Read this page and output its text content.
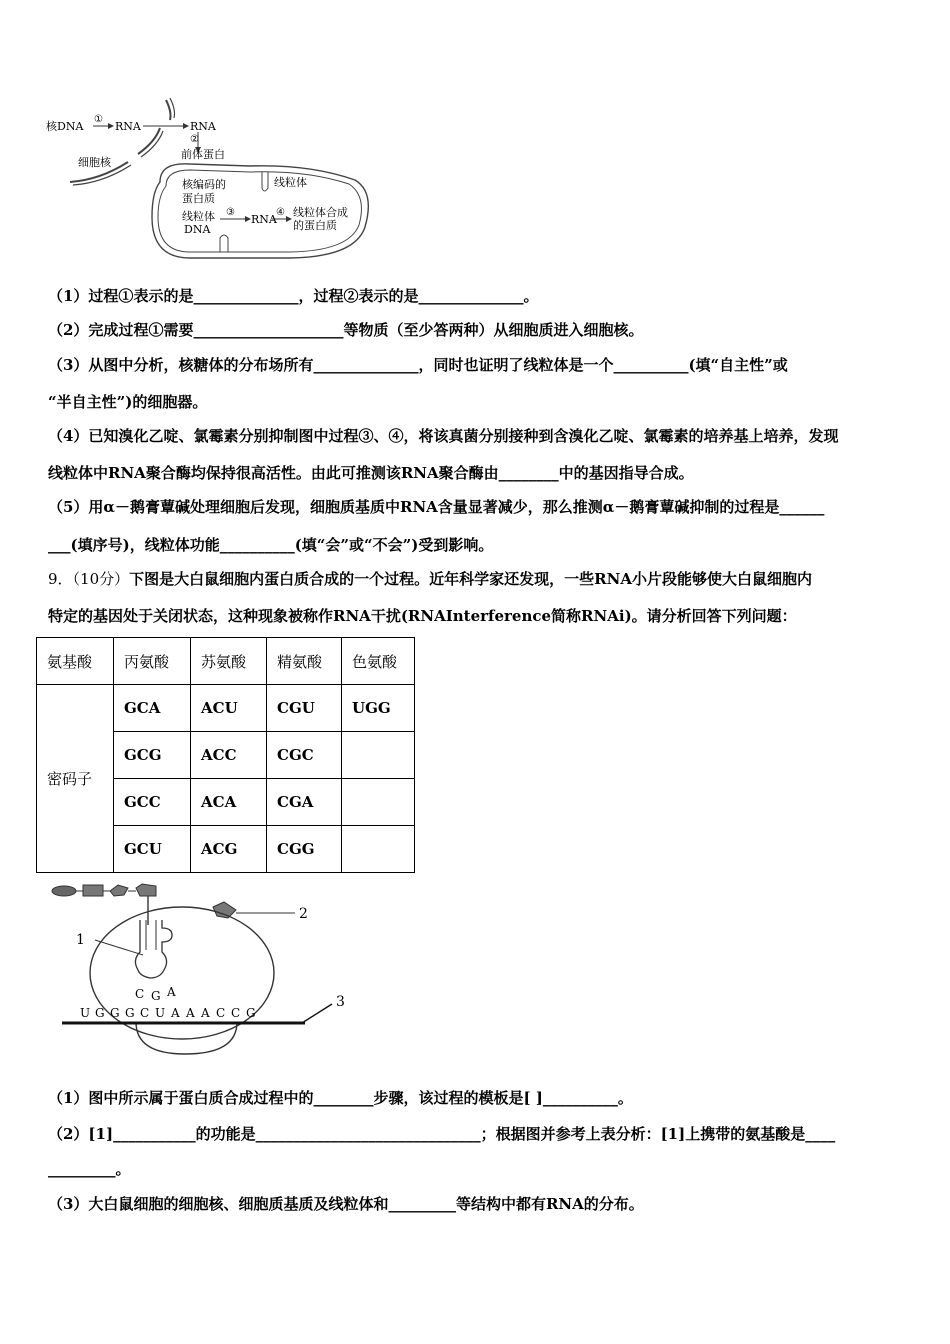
核DNA
①
RNA	RNA
②
前体蛋白
细胞核
线粒体
核编码的
蛋白质
线粒体 ③
DNA
RNA
④ 线粒体合成
的蛋白质
（1）过程①表示的是______________，过程②表示的是______________。
（2）完成过程①需要____________________等物质（至少答两种）从细胞质进入细胞核。
（3）从图中分析，核糖体的分布场所有______________，同时也证明了线粒体是一个__________(填“自主性”或
“半自主性”)的细胞器。
（4）已知溴化乙啶、氯霉素分别抑制图中过程③、④，将该真菌分别接种到含溴化乙啶、氯霉素的培养基上培养，发现
线粒体中RNA聚合酶均保持很高活性。由此可推测该RNA聚合酶由________中的基因指导合成。
（5）用α－鹅膏蕈碱处理细胞后发现，细胞质基质中RNA含量显著减少，那么推测α－鹅膏蕈碱抑制的过程是______
___(填序号)，线粒体功能__________(填“会”或“不会”)受到影响。
9．（10分）下图是大白鼠细胞内蛋白质合成的一个过程。近年科学家还发现，一些RNA小片段能够使大白鼠细胞内
特定的基因处于关闭状态，这种现象被称作RNA干扰(RNAInterference简称RNAi)。请分析回答下列问题：
氨基酸	丙氨酸	苏氨酸	精氨酸	色氨酸
密码子	GCA	ACU	CGU	UGG
	GCG	ACC	CGC	
	GCC	ACA	CGA	
	GCU	ACG	CGG	
1
2
3
C G A
U G G G C U A A A C C G
（1）图中所示属于蛋白质合成过程中的________步骤，该过程的模板是[ ]__________。
（2）[1]___________的功能是______________________________；根据图并参考上表分析：[1]上携带的氨基酸是____
_________。
（3）大白鼠细胞的细胞核、细胞质基质及线粒体和_________等结构中都有RNA的分布。
